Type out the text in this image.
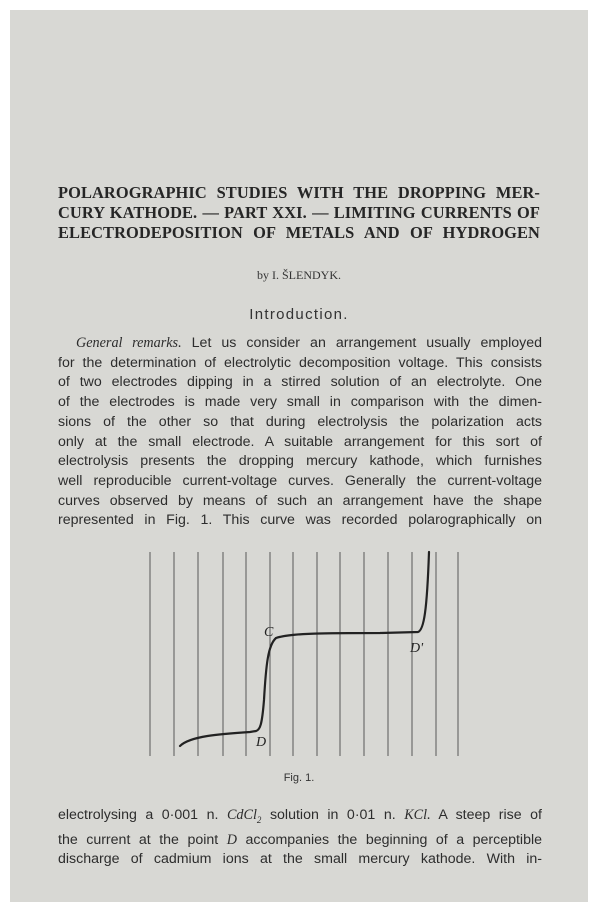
POLAROGRAPHIC STUDIES WITH THE DROPPING MER-
CURY KATHODE. — PART XXI. — LIMITING CURRENTS OF
ELECTRODEPOSITION OF METALS AND OF HYDROGEN
by I. ŠLENDYK.
Introduction.
General remarks. Let us consider an arrangement usually employed
for the determination of electrolytic decomposition voltage. This consists
of two electrodes dipping in a stirred solution of an electrolyte. One
of the electrodes is made very small in comparison with the dimen-
sions of the other so that during electrolysis the polarization acts
only at the small electrode. A suitable arrangement for this sort of
electrolysis presents the dropping mercury kathode, which furnishes
well reproducible current-voltage curves. Generally the current-voltage
curves observed by means of such an arrangement have the shape
represented in Fig. 1. This curve was recorded polarographically on
C
D
D'
Fig. 1.
electrolysing a 0·001 n. CdCl$_2$ solution in 0·01 n. KCl. A steep rise of
the current at the point D accompanies the beginning of a perceptible
discharge of cadmium ions at the small mercury kathode. With in-
